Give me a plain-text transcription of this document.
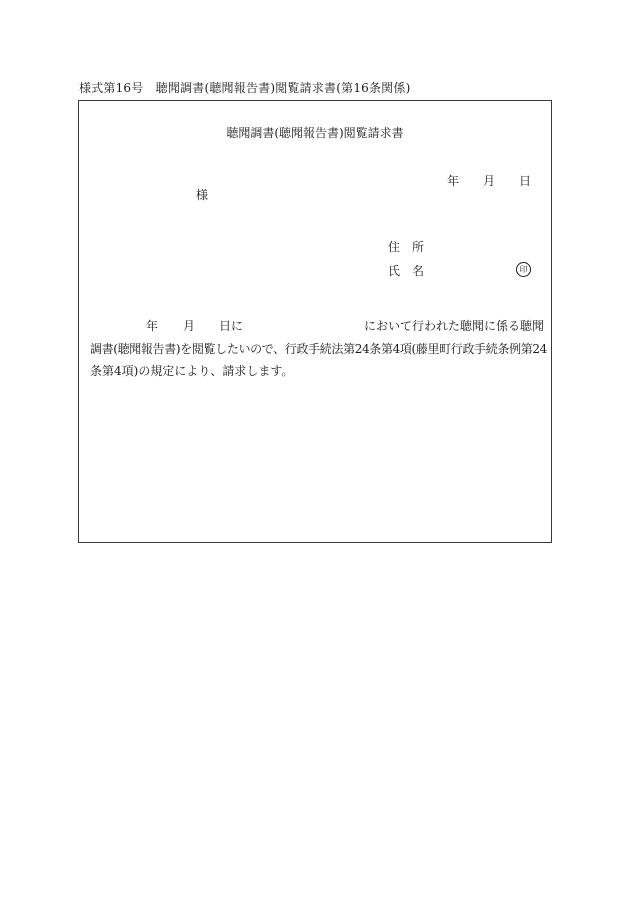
様式第16号　聴聞調書(聴聞報告書)閲覧請求書(第16条関係)
聴聞調書(聴聞報告書)閲覧請求書
年 月 日
様
住　所
氏　名	印
年 月 日に	において行われた聴聞に係る聴聞
調書(聴聞報告書)を閲覧したいので、行政手続法第24条第4項(藤里町行政手続条例第24
条第4項)の規定により、請求します。
